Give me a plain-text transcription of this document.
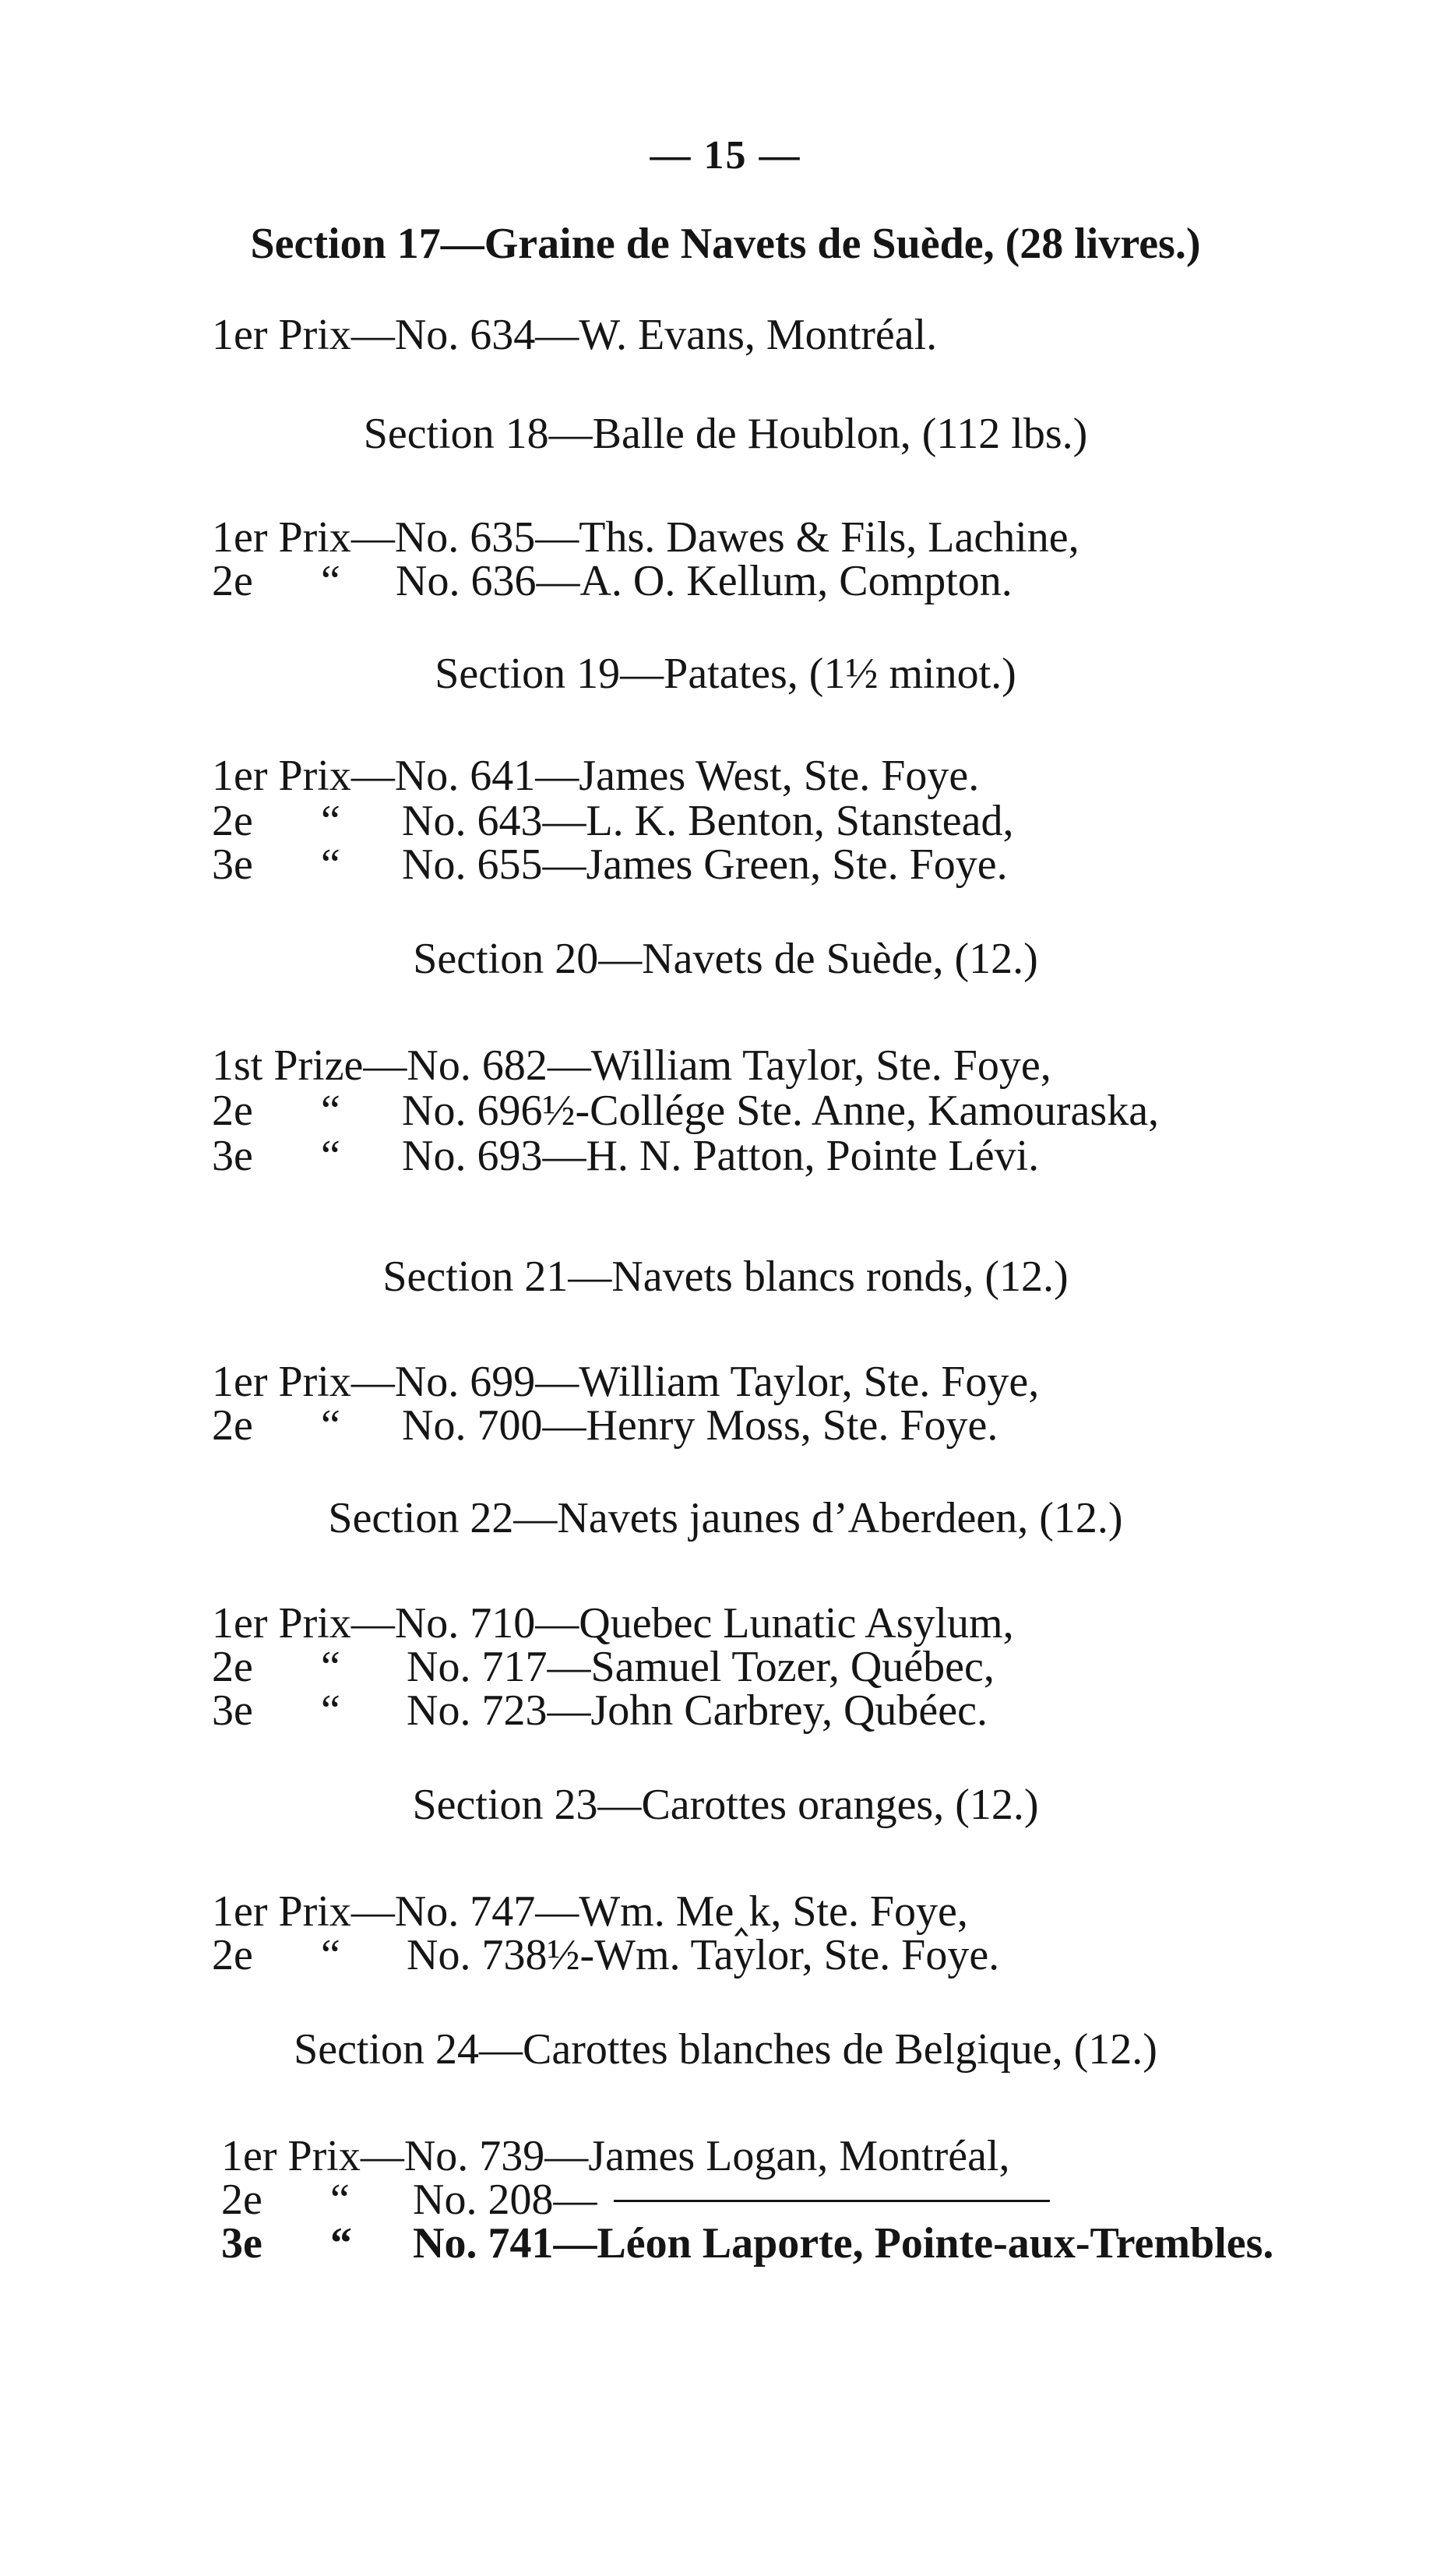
— 15 —
Section 17—Graine de Navets de Suède, (28 livres.)
1er Prix—No. 634—W. Evans, Montréal.
Section 18—Balle de Houblon, (112 lbs.)
1er Prix—No. 635—Ths. Dawes & Fils, Lachine,
2e “ No. 636—A. O. Kellum, Compton.
Section 19—Patates, (1½ minot.)
1er Prix—No. 641—James West, Ste. Foye.
2e “ No. 643—L. K. Benton, Stanstead,
3e “ No. 655—James Green, Ste. Foye.
Section 20—Navets de Suède, (12.)
1st Prize—No. 682—William Taylor, Ste. Foye,
2e “ No. 696½-Collége Ste. Anne, Kamouraska,
3e “ No. 693—H. N. Patton, Pointe Lévi.
Section 21—Navets blancs ronds, (12.)
1er Prix—No. 699—William Taylor, Ste. Foye,
2e “ No. 700—Henry Moss, Ste. Foye.
Section 22—Navets jaunes d’Aberdeen, (12.)
1er Prix—No. 710—Quebec Lunatic Asylum,
2e “ No. 717—Samuel Tozer, Québec,
3e “ No. 723—John Carbrey, Qubéec.
Section 23—Carottes oranges, (12.)
1er Prix—No. 747—Wm. Me‸k, Ste. Foye,
2e “ No. 738½-Wm. Taylor, Ste. Foye.
Section 24—Carottes blanches de Belgique, (12.)
1er Prix—No. 739—James Logan, Montréal,
2e “ No. 208—
3e “ No. 741—Léon Laporte, Pointe-aux-Trembles.
